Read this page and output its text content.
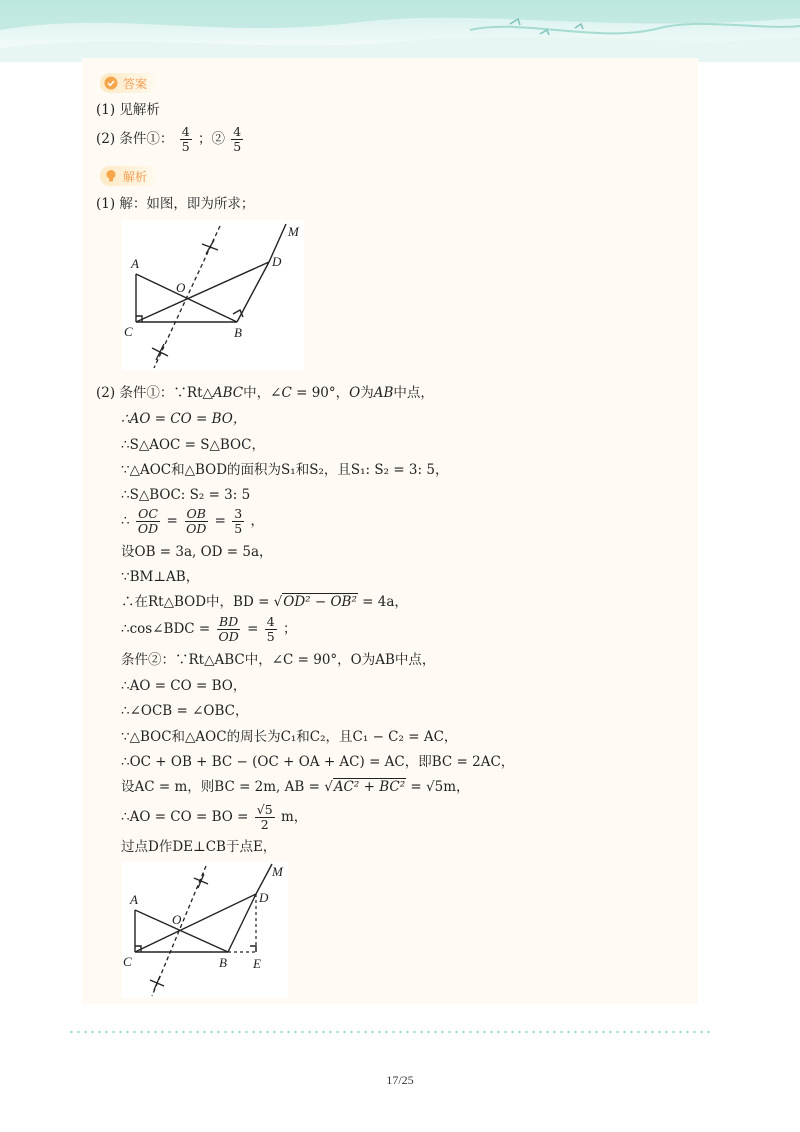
答案
(1) 见解析
(2) 条件①： $\frac{4}{5}$ ；② $\frac{4}{5}$
解析
(1) 解：如图，即为所求；
A
O
C	B
D
M
(2) 条件①：∵Rt△ABC中，∠C = 90°，O为AB中点，
∴AO = CO = BO，
∴S△AOC = S△BOC，
∵△AOC和△BOD的面积为S₁和S₂，且S₁: S₂ = 3: 5，
∴S△BOC: S₂ = 3: 5
∴ $\frac{OC}{OD} = \frac{OB}{OD} = \frac{3}{5}$ ，
设OB = 3a, OD = 5a，
∵BM⊥AB，
∴在Rt△BOD中，BD = √OD² − OB² = 4a，
∴cos∠BDC = $\frac{BD}{OD} = \frac{4}{5}$ ；
条件②：∵Rt△ABC中，∠C = 90°，O为AB中点，
∴AO = CO = BO，
∴∠OCB = ∠OBC，
∵△BOC和△AOC的周长为C₁和C₂，且C₁ − C₂ = AC，
∴OC + OB + BC − (OC + OA + AC) = AC，即BC = 2AC，
设AC = m，则BC = 2m, AB = √AC² + BC² = √5m，
∴AO = CO = BO = $\frac{√5}{2}$ m，
过点D作DE⊥CB于点E，
A
O
C	B E
D
M
17/25
